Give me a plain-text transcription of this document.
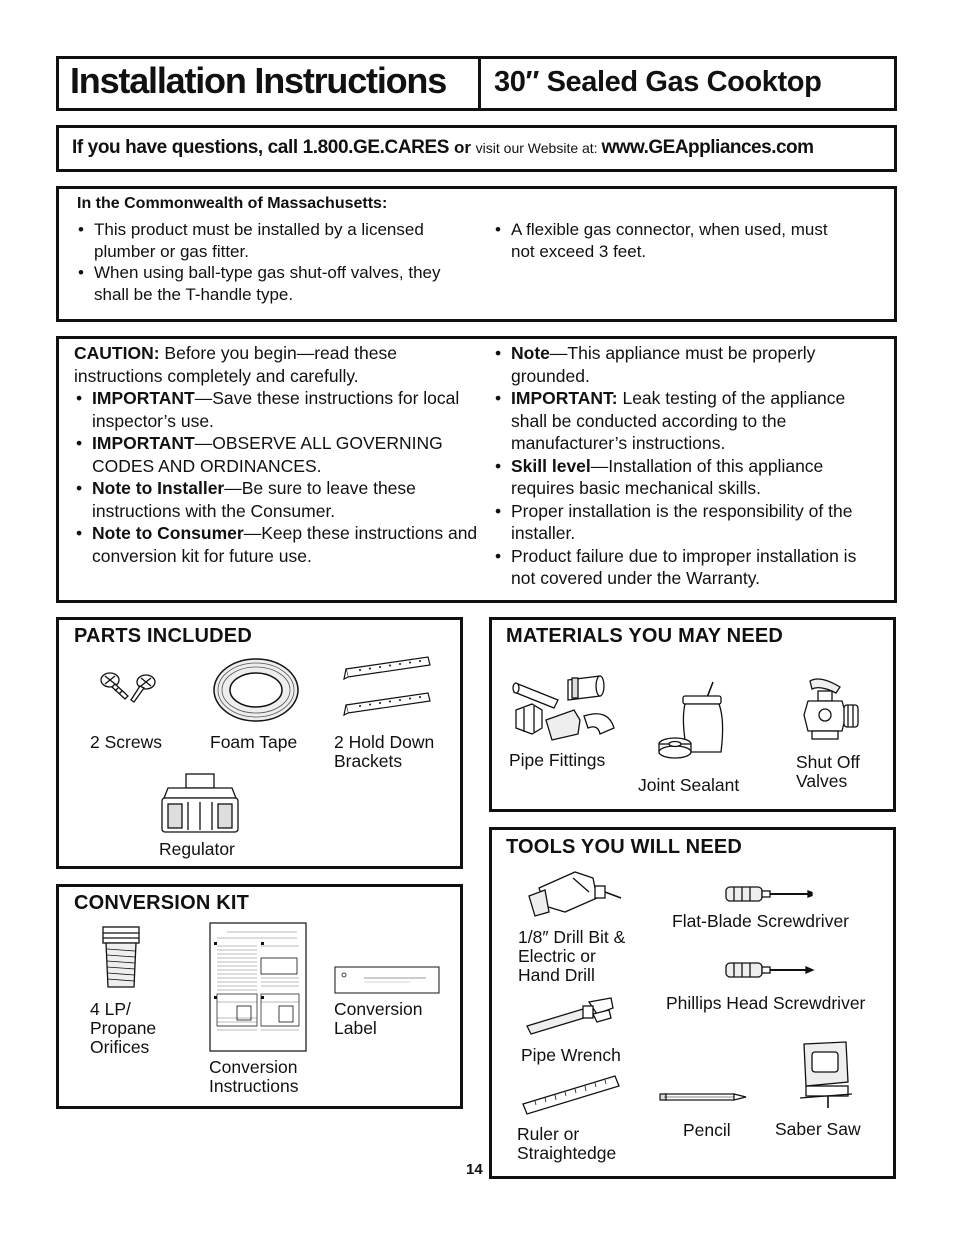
Installation Instructions 30″ Sealed Gas Cooktop
If you have questions, call 1.800.GE.CARES or visit our Website at: www.GEAppliances.com
In the Commonwealth of Massachusetts:
• This product must be installed by a licensed plumber or gas fitter.
• When using ball-type gas shut-off valves, they shall be the T-handle type.
• A flexible gas connector, when used, must not exceed 3 feet.
CAUTION: Before you begin—read these instructions completely and carefully.
• IMPORTANT—Save these instructions for local inspector’s use.
• IMPORTANT—OBSERVE ALL GOVERNING CODES AND ORDINANCES.
• Note to Installer—Be sure to leave these instructions with the Consumer.
• Note to Consumer—Keep these instructions and conversion kit for future use.
• Note—This appliance must be properly grounded.
• IMPORTANT: Leak testing of the appliance shall be conducted according to the manufacturer’s instructions.
• Skill level—Installation of this appliance requires basic mechanical skills.
• Proper installation is the responsibility of the installer.
• Product failure due to improper installation is not covered under the Warranty.
PARTS INCLUDED
2 Screws	Foam Tape 2 Hold Down
Brackets
Regulator
CONVERSION KIT
4 LP/
Propane
Orifices
Conversion
Instructions
Conversion
Label
MATERIALS YOU MAY NEED
Pipe Fittings
Joint Sealant
Shut Off
Valves
TOOLS YOU WILL NEED
1/8″ Drill Bit &
Electric or
Hand Drill
Flat-Blade Screwdriver
Phillips Head Screwdriver
Pipe Wrench
Ruler or
Straightedge
Pencil	Saber Saw
14
